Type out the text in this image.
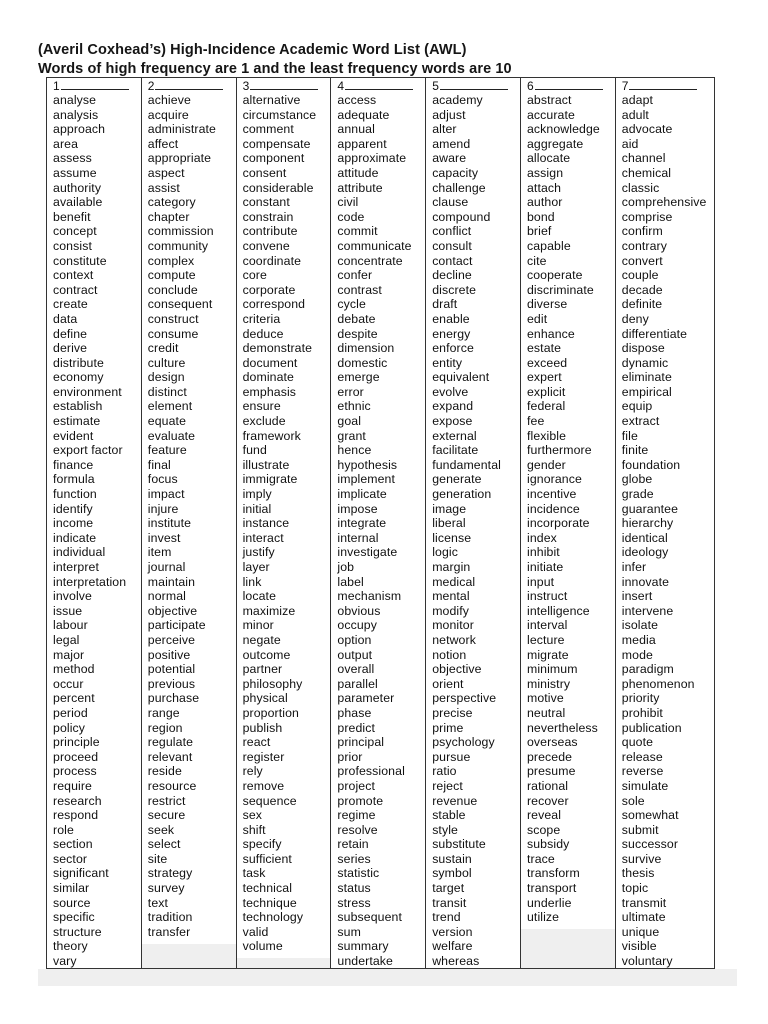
(Averil Coxhead’s) High-Incidence Academic Word List (AWL)
Words of high frequency are 1 and the least frequency words are 10
1
analyse
analysis
approach
area
assess
assume
authority
available
benefit
concept
consist
constitute
context
contract
create
data
define
derive
distribute
economy
environment
establish
estimate
evident
export factor
finance
formula
function
identify
income
indicate
individual
interpret
interpretation
involve
issue
labour
legal
major
method
occur
percent
period
policy
principle
proceed
process
require
research
respond
role
section
sector
significant
similar
source
specific
structure
theory
vary
2
achieve
acquire
administrate
affect
appropriate
aspect
assist
category
chapter
commission
community
complex
compute
conclude
consequent
construct
consume
credit
culture
design
distinct
element
equate
evaluate
feature
final
focus
impact
injure
institute
invest
item
journal
maintain
normal
objective
participate
perceive
positive
potential
previous
purchase
range
region
regulate
relevant
reside
resource
restrict
secure
seek
select
site
strategy
survey
text
tradition
transfer
3
alternative
circumstance
comment
compensate
component
consent
considerable
constant
constrain
contribute
convene
coordinate
core
corporate
correspond
criteria
deduce
demonstrate
document
dominate
emphasis
ensure
exclude
framework
fund
illustrate
immigrate
imply
initial
instance
interact
justify
layer
link
locate
maximize
minor
negate
outcome
partner
philosophy
physical
proportion
publish
react
register
rely
remove
sequence
sex
shift
specify
sufficient
task
technical
technique
technology
valid
volume
4
access
adequate
annual
apparent
approximate
attitude
attribute
civil
code
commit
communicate
concentrate
confer
contrast
cycle
debate
despite
dimension
domestic
emerge
error
ethnic
goal
grant
hence
hypothesis
implement
implicate
impose
integrate
internal
investigate
job
label
mechanism
obvious
occupy
option
output
overall
parallel
parameter
phase
predict
principal
prior
professional
project
promote
regime
resolve
retain
series
statistic
status
stress
subsequent
sum
summary
undertake
5
academy
adjust
alter
amend
aware
capacity
challenge
clause
compound
conflict
consult
contact
decline
discrete
draft
enable
energy
enforce
entity
equivalent
evolve
expand
expose
external
facilitate
fundamental
generate
generation
image
liberal
license
logic
margin
medical
mental
modify
monitor
network
notion
objective
orient
perspective
precise
prime
psychology
pursue
ratio
reject
revenue
stable
style
substitute
sustain
symbol
target
transit
trend
version
welfare
whereas
6
abstract
accurate
acknowledge
aggregate
allocate
assign
attach
author
bond
brief
capable
cite
cooperate
discriminate
diverse
edit
enhance
estate
exceed
expert
explicit
federal
fee
flexible
furthermore
gender
ignorance
incentive
incidence
incorporate
index
inhibit
initiate
input
instruct
intelligence
interval
lecture
migrate
minimum
ministry
motive
neutral
nevertheless
overseas
precede
presume
rational
recover
reveal
scope
subsidy
trace
transform
transport
underlie
utilize
7
adapt
adult
advocate
aid
channel
chemical
classic
comprehensive
comprise
confirm
contrary
convert
couple
decade
definite
deny
differentiate
dispose
dynamic
eliminate
empirical
equip
extract
file
finite
foundation
globe
grade
guarantee
hierarchy
identical
ideology
infer
innovate
insert
intervene
isolate
media
mode
paradigm
phenomenon
priority
prohibit
publication
quote
release
reverse
simulate
sole
somewhat
submit
successor
survive
thesis
topic
transmit
ultimate
unique
visible
voluntary
